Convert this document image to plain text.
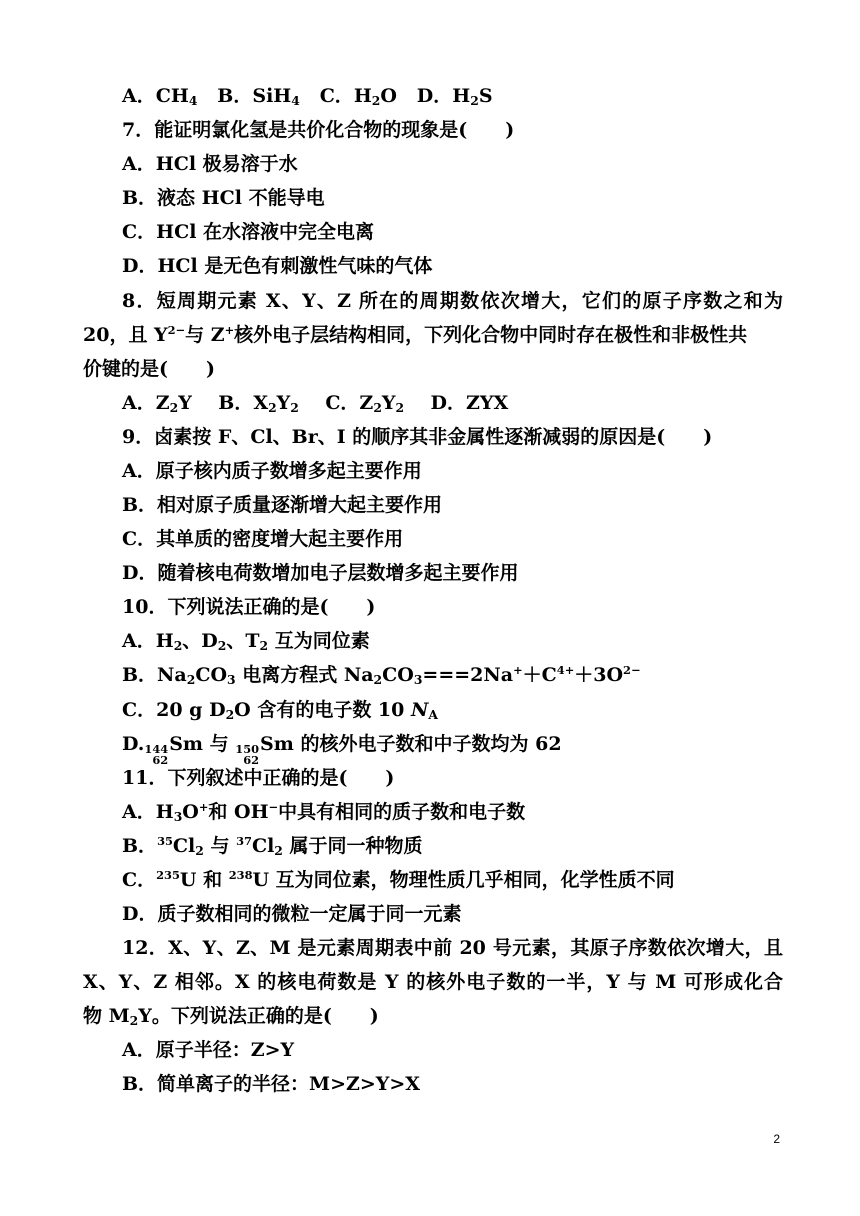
A．$CH_4$ B．SiH$_4$ C．$H_2O$ D．$H_2S$
7．能证明氯化氢是共价化合物的现象是(　　)
A．HCl 极易溶于水
B．液态 HCl 不能导电
C．HCl 在水溶液中完全电离
D．HCl 是无色有刺激性气味的气体
8．短周期元素 X、Y、Z 所在的周期数依次增大，它们的原子序数之和为
20，且 $Y^{2-}$与 Z+核外电子层结构相同，下列化合物中同时存在极性和非极性共
价键的是(　　)
A．$Z_2Y$ B．$X_2Y_2$ C．$Z_2Y_2$ D．ZYX
9．卤素按 F、Cl、Br、I 的顺序其非金属性逐渐减弱的原因是(　　)
A．原子核内质子数增多起主要作用
B．相对原子质量逐渐增大起主要作用
C．其单质的密度增大起主要作用
D．随着核电荷数增加电子层数增多起主要作用
10．下列说法正确的是(　　)
A．$H_2$、$D_2$、$T_2$ 互为同位素
B．$Na_2CO_3$ 电离方程式 $Na_2CO_3===2Na^++C^{4+}+3O^{2-}$
C．20 g $D_2O$ 含有的电子数 10 $N_A$
D. 144
62
Sm 与 150
62
Sm 的核外电子数和中子数均为 62
11．下列叙述中正确的是(　　)
A．$H_3O^+$和 OH−中具有相同的质子数和电子数
B．$^{35}Cl_2$ 与 $^{37}Cl_2$ 属于同一种物质
C．$^{235}$U 和 $^{238}$U 互为同位素，物理性质几乎相同，化学性质不同
D．质子数相同的微粒一定属于同一元素
12．X、Y、Z、M 是元素周期表中前 20 号元素，其原子序数依次增大，且
X、Y、Z 相邻。X 的核电荷数是 Y 的核外电子数的一半，Y 与 M 可形成化合
物 $M_2Y$。下列说法正确的是(　　)
A．原子半径：Z>Y
B．简单离子的半径：M>Z>Y>X
2
